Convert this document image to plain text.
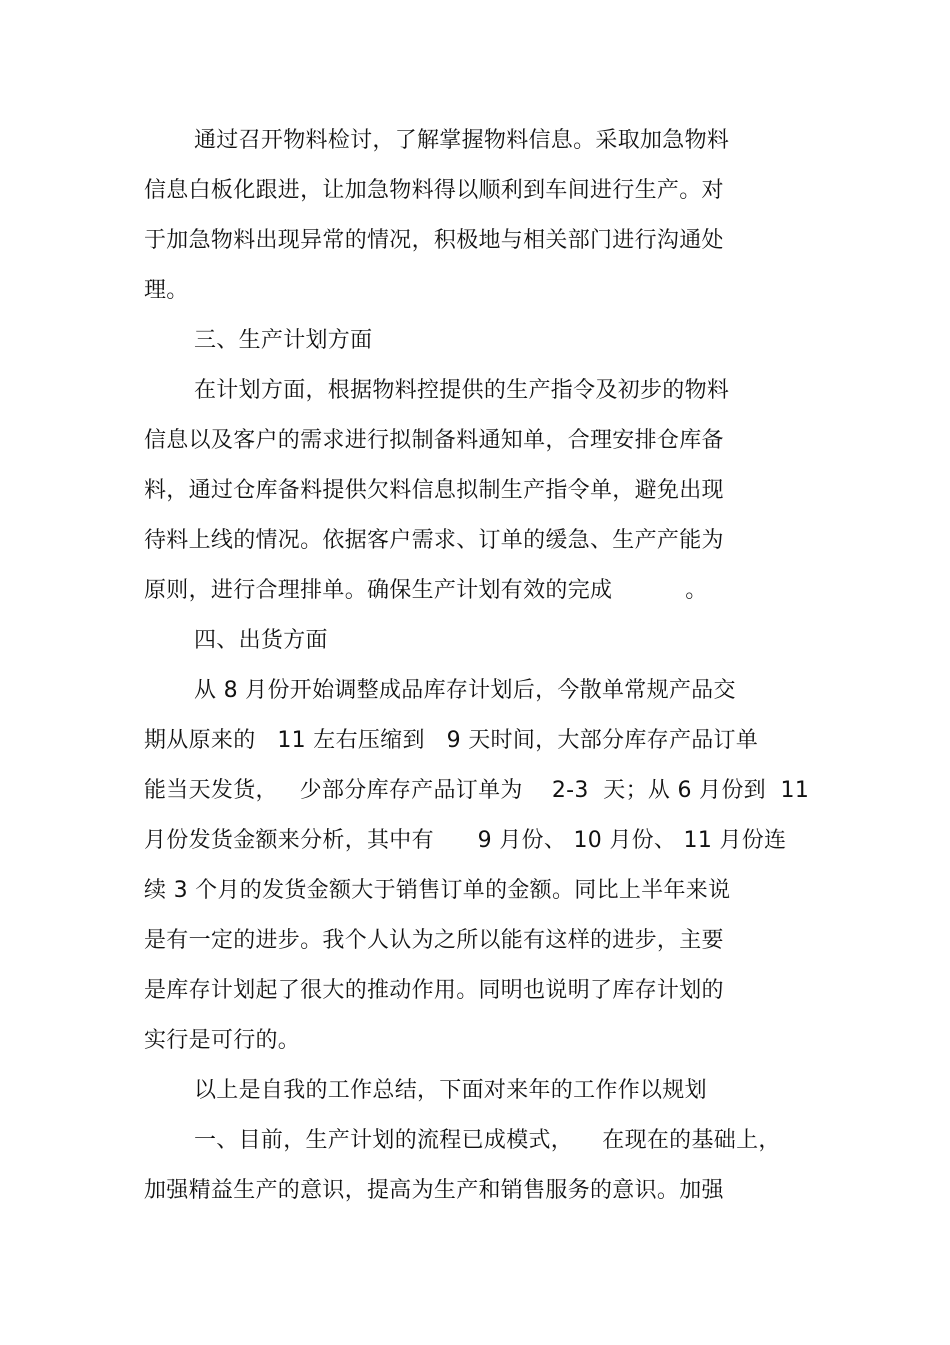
通过召开物料检讨，了解掌握物料信息。采取加急物料
信息白板化跟进，让加急物料得以顺利到车间进行生产。对
于加急物料出现异常的情况，积极地与相关部门进行沟通处
理。
三、生产计划方面
在计划方面，根据物料控提供的生产指令及初步的物料
信息以及客户的需求进行拟制备料通知单，合理安排仓库备
料，通过仓库备料提供欠料信息拟制生产指令单，避免出现
待料上线的情况。依据客户需求、订单的缓急、生产产能为
原则，进行合理排单。确保生产计划有效的完成          。
四、出货方面
从 8 月份开始调整成品库存计划后，今散单常规产品交
期从原来的   11 左右压缩到   9 天时间，大部分库存产品订单
能当天发货，   少部分库存产品订单为    2-3  天；从 6 月份到  11
月份发货金额来分析，其中有      9 月份、 10 月份、 11 月份连
续 3 个月的发货金额大于销售订单的金额。同比上半年来说
是有一定的进步。我个人认为之所以能有这样的进步，主要
是库存计划起了很大的推动作用。同明也说明了库存计划的
实行是可行的。
以上是自我的工作总结，下面对来年的工作作以规划
一、目前，生产计划的流程已成模式，    在现在的基础上，
加强精益生产的意识，提高为生产和销售服务的意识。加强
